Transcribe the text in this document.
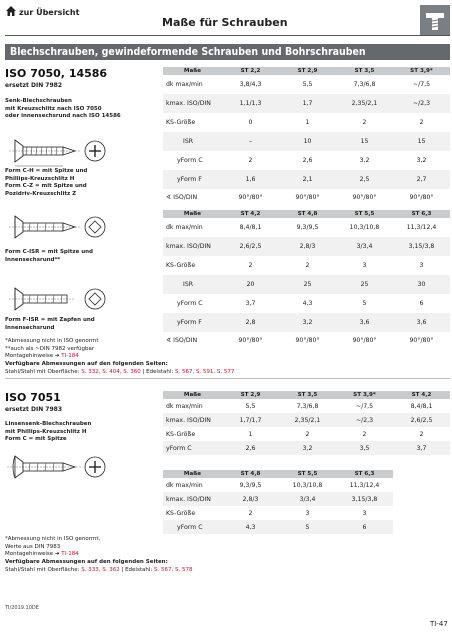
zur Übersicht
Maße für Schrauben
Blechschrauben, gewindeformende Schrauben und Bohrschrauben
ISO 7050, 14586
ersetzt DIN 7982
Senk-Blechschrauben
mit Kreuzschlitz nach ISO 7050
oder innensechsrund nach ISO 14586
Form C-H = mit Spitze und
Phillips-Kreuzschlitz H
Form C-Z = mit Spitze und
Pozidriv-Kreuzschlitz Z
Form C-ISR = mit Spitze und
Innensechsrund**
Form F-ISR = mit Zapfen und
Innensechsrund
*Abmessung nicht in ISO genormt
**auch als ~DIN 7982 verfügbar
Montagehinweise ➔ TI-184
Maße	ST 2,2	ST 2,9	ST 3,5	ST 3,9*
dk max/min	3,8/4,3	5,5	7,3/6,8	~/7,5
kmax. ISO/DIN	1,1/1,3	1,7	2,35/2,1	~/2,3
KS-Größe	0	1	2	2
ISR	–	10	15	15
yForm C	2	2,6	3,2	3,2
yForm F	1,6	2,1	2,5	2,7
∢ ISO/DIN	90°/80°	90°/80°	90°/80°	90°/80°
Maße	ST 4,2	ST 4,8	ST 5,5	ST 6,3
dk max/min	8,4/8,1	9,3/9,5	10,3/10,8	11,3/12,4
kmax. ISO/DIN	2,6/2,5	2,8/3	3/3,4	3,15/3,8
KS-Größe	2	2	3	3
ISR	20	25	25	30
yForm C	3,7	4,3	5	6
yForm F	2,8	3,2	3,6	3,6
∢ ISO/DIN	90°/80°	90°/80°	90°/80°	90°/80°
Verfügbare Abmessungen auf den folgenden Seiten:
Stahl/Stahl mit Oberfläche: S. 332, S. 404, S. 360 | Edelstahl: S. 567, S. 591, S. 577
ISO 7051
ersetzt DIN 7983
Linsensenk-Blechschrauben
mit Phillips-Kreuzschlitz H
Form C = mit Spitze
*Abmessung nicht in ISO genormt,
Werte aus DIN 7983
Montagehinweise ➔ TI-184
Maße	ST 2,9	ST 3,5	ST 3,9*	ST 4,2
dk max/min	5,5	7,3/6,8	~/7,5	8,4/8,1
kmax. ISO/DIN	1,7/1,7	2,35/2,1	~/2,3	2,6/2,5
KS-Größe	1	2	2	2
yForm C	2,6	3,2	3,5	3,7
Maße	ST 4,8	ST 5,5	ST 6,3
dk max/min	9,3/9,5	10,3/10,8	11,3/12,4
kmax. ISO/DIN	2,8/3	3/3,4	3,15/3,8
KS-Größe	2	3	3
yForm C	4,3	5	6
Verfügbare Abmessungen auf den folgenden Seiten:
Stahl/Stahl mit Oberfläche: S. 333, S. 362 | Edelstahl: S. 567, S. 578
TI/2019.10DE
TI-47
